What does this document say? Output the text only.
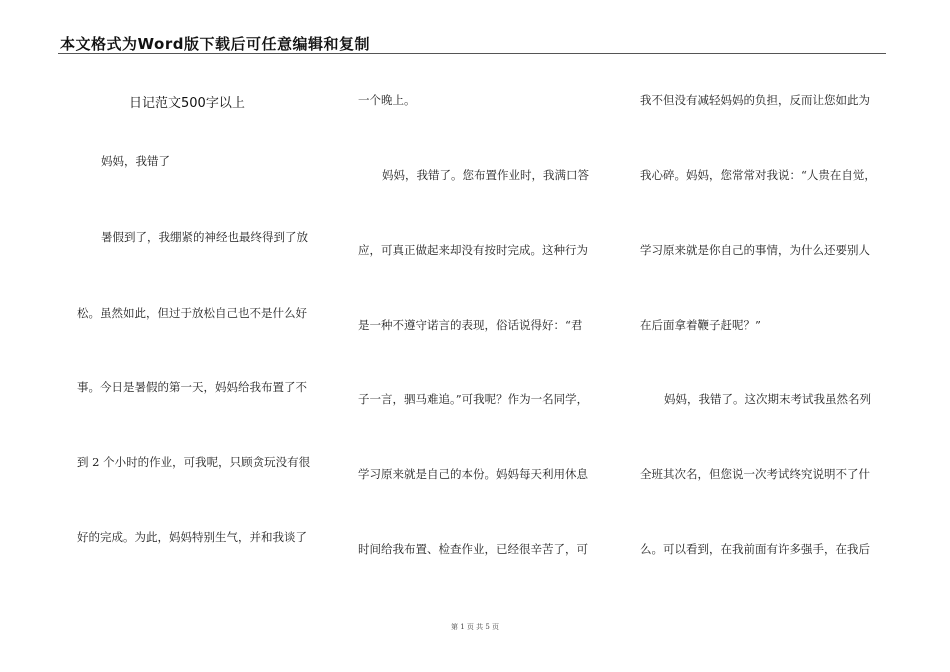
本文格式为Word版下载后可任意编辑和复制
日记范文500字以上
妈妈，我错了
暑假到了，我绷紧的神经也最终得到了放
松。虽然如此，但过于放松自己也不是什么好
事。今日是暑假的第一天，妈妈给我布置了不
到 2 个小时的作业，可我呢，只顾贪玩没有很
好的完成。为此，妈妈特别生气，并和我谈了
一个晚上。
妈妈，我错了。您布置作业时，我满口答
应，可真正做起来却没有按时完成。这种行为
是一种不遵守诺言的表现，俗话说得好：“君
子一言，驷马难追。”可我呢？作为一名同学，
学习原来就是自己的本份。妈妈每天利用休息
时间给我布置、检查作业，已经很辛苦了，可
我不但没有减轻妈妈的负担，反而让您如此为
我心碎。妈妈，您常常对我说：“人贵在自觉，
学习原来就是你自己的事情，为什么还要别人
在后面拿着鞭子赶呢？”
妈妈，我错了。这次期末考试我虽然名列
全班其次名，但您说一次考试终究说明不了什
么。可以看到，在我前面有许多强手，在我后
第 1 页 共 5 页
